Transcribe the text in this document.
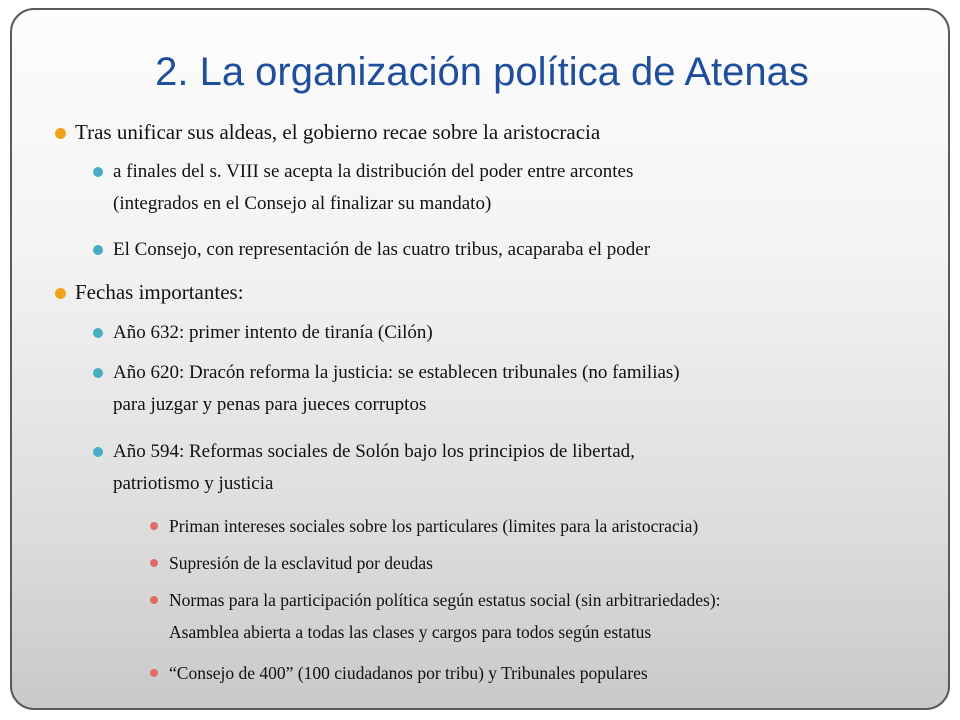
2. La organización política de Atenas
Tras unificar sus aldeas, el gobierno recae sobre la aristocracia
a finales del s. VIII se acepta la distribución del poder entre arcontes
(integrados en el Consejo al finalizar su mandato)
El Consejo, con representación de las cuatro tribus, acaparaba el poder
Fechas importantes:
Año 632: primer intento de tiranía (Cilón)
Año 620: Dracón reforma la justicia: se establecen tribunales (no familias)
para juzgar y penas para jueces corruptos
Año 594: Reformas sociales de Solón bajo los principios de libertad,
patriotismo y justicia
Priman intereses sociales sobre los particulares (limites para la aristocracia)
Supresión de la esclavitud por deudas
Normas para la participación política según estatus social (sin arbitrariedades):
Asamblea abierta a todas las clases y cargos para todos según estatus
“Consejo de 400” (100 ciudadanos por tribu) y Tribunales populares
